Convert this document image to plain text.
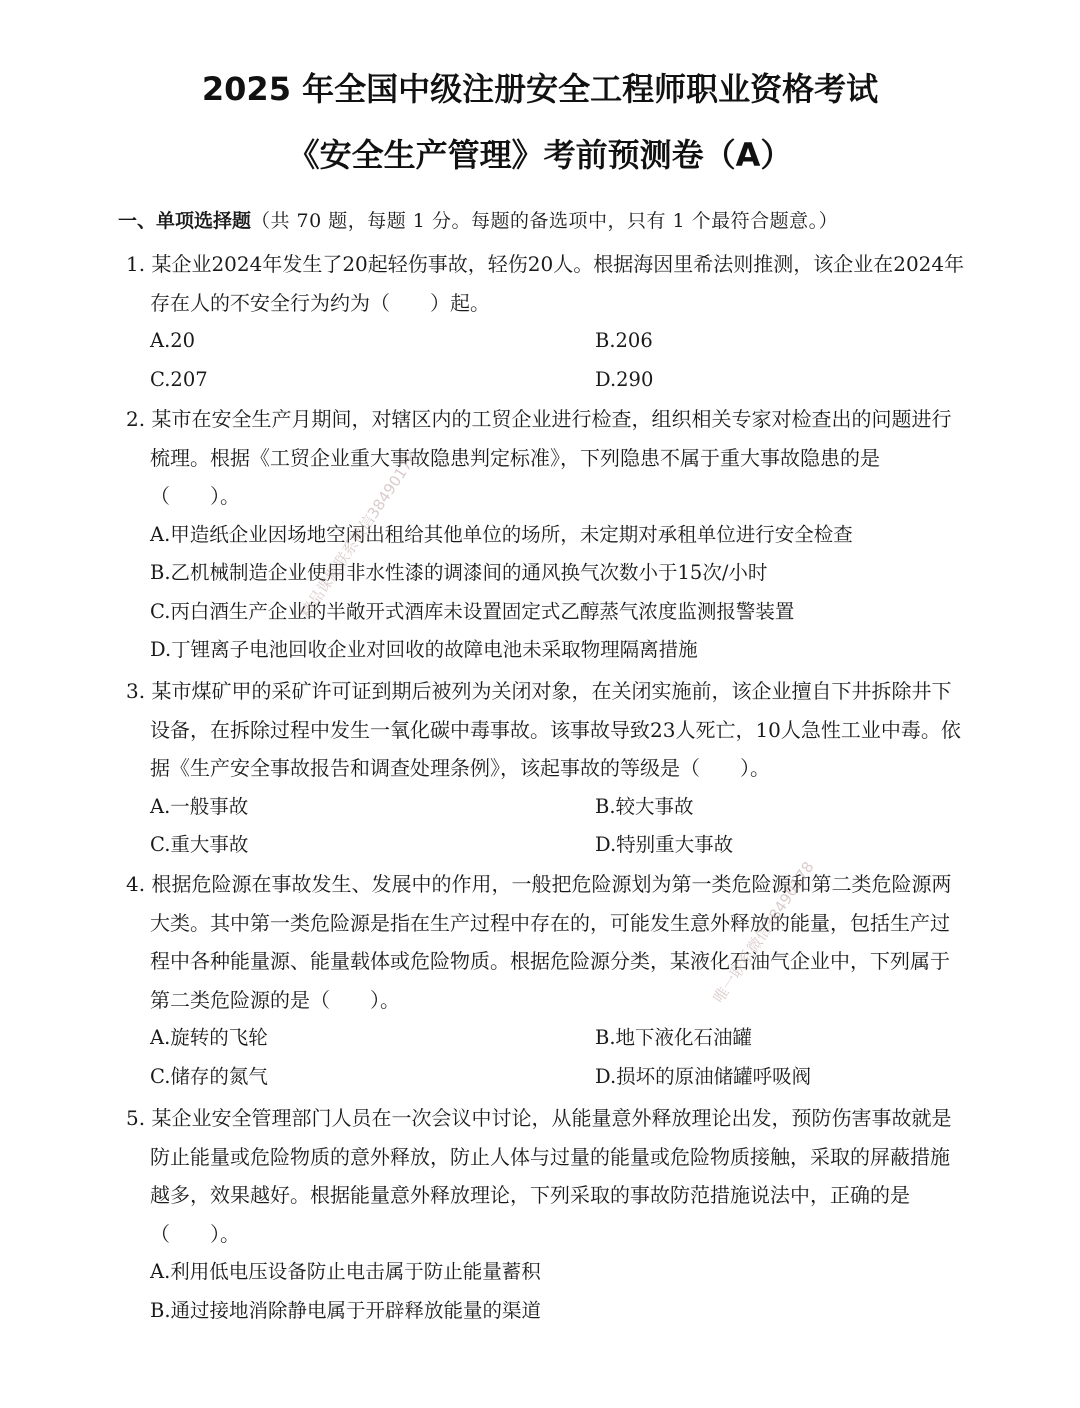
2025 年全国中级注册安全工程师职业资格考试
《安全生产管理》考前预测卷（A）
一、单项选择题（共 70 题，每题 1 分。每题的备选项中，只有 1 个最符合题意。）
1. 某企业2024年发生了20起轻伤事故，轻伤20人。根据海因里希法则推测，该企业在2024年存在人的不安全行为约为（　　）起。
A.20	B.206
C.207	D.290
2. 某市在安全生产月期间，对辖区内的工贸企业进行检查，组织相关专家对检查出的问题进行梳理。根据《工贸企业重大事故隐患判定标准》，下列隐患不属于重大事故隐患的是（　　）。
A.甲造纸企业因场地空闲出租给其他单位的场所，未定期对承租单位进行安全检查
B.乙机械制造企业使用非水性漆的调漆间的通风换气次数小于15次/小时
C.丙白酒生产企业的半敞开式酒库未设置固定式乙醇蒸气浓度监测报警装置
D.丁锂离子电池回收企业对回收的故障电池未采取物理隔离措施
3. 某市煤矿甲的采矿许可证到期后被列为关闭对象，在关闭实施前，该企业擅自下井拆除井下设备，在拆除过程中发生一氧化碳中毒事故。该事故导致23人死亡，10人急性工业中毒。依据《生产安全事故报告和调查处理条例》，该起事故的等级是（　　）。
A.一般事故	B.较大事故
C.重大事故	D.特别重大事故
4. 根据危险源在事故发生、发展中的作用，一般把危险源划为第一类危险源和第二类危险源两大类。其中第一类危险源是指在生产过程中存在的，可能发生意外释放的能量，包括生产过程中各种能量源、能量载体或危险物质。根据危险源分类，某液化石油气企业中，下列属于第二类危险源的是（　　）。
A.旋转的飞轮	B.地下液化石油罐
C.储存的氮气	D.损坏的原油储罐呼吸阀
5. 某企业安全管理部门人员在一次会议中讨论，从能量意外释放理论出发，预防伤害事故就是防止能量或危险物质的意外释放，防止人体与过量的能量或危险物质接触，采取的屏蔽措施越多，效果越好。根据能量意外释放理论，下列采取的事故防范措施说法中，正确的是（　　）。
A.利用低电压设备防止电击属于防止能量蓄积
B.通过接地消除静电属于开辟释放能量的渠道
精品课题联系微信38490178
唯一联系微信38490178
